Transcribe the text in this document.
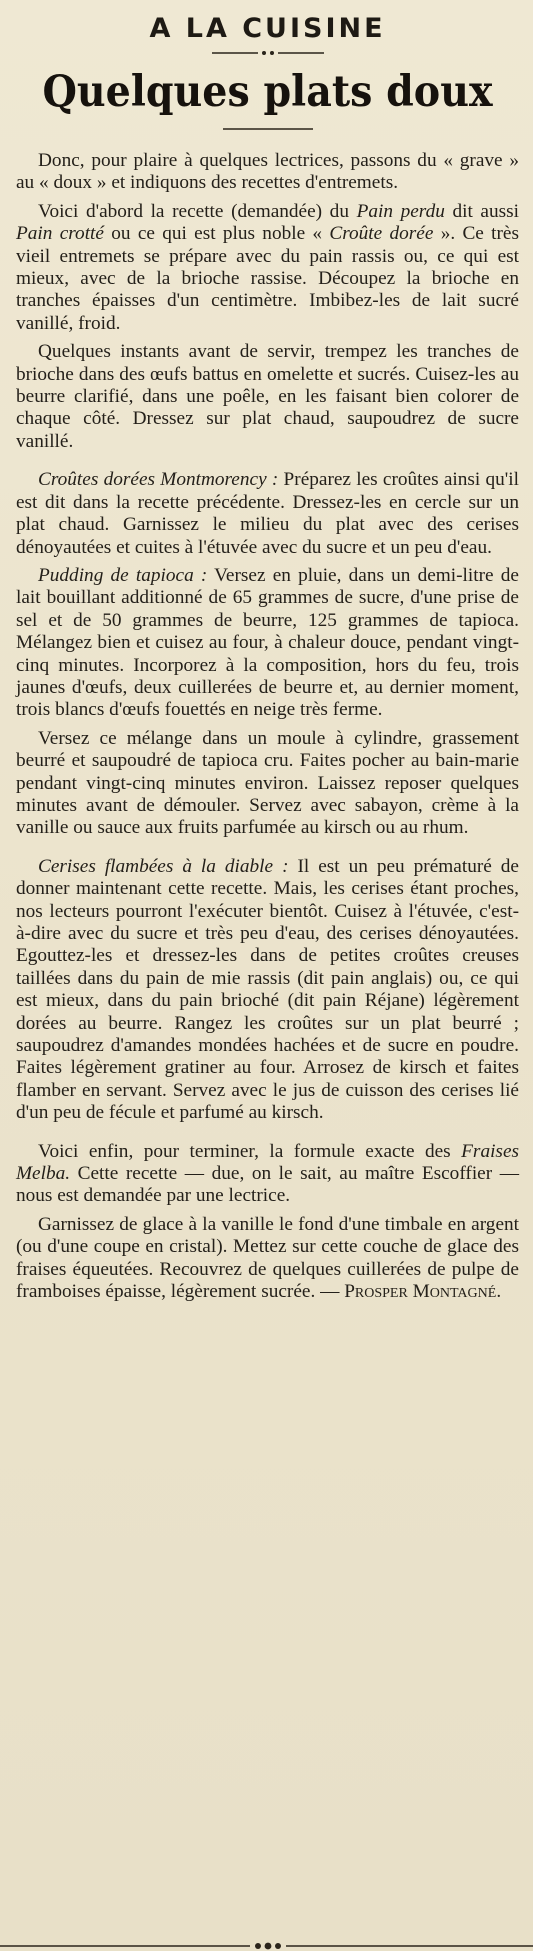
A LA CUISINE
Quelques plats doux

Donc, pour plaire à quelques lectrices, passons du « grave » au « doux » et indiquons des recettes d'entremets.

Voici d'abord la recette (demandée) du Pain perdu dit aussi Pain crotté ou ce qui est plus noble « Croûte dorée ». Ce très vieil entremets se prépare avec du pain rassis ou, ce qui est mieux, avec de la brioche rassise. Découpez la brioche en tranches épaisses d'un centimètre. Imbibez-les de lait sucré vanillé, froid.

Quelques instants avant de servir, trempez les tranches de brioche dans des œufs battus en omelette et sucrés. Cuisez-les au beurre clarifié, dans une poêle, en les faisant bien colorer de chaque côté. Dressez sur plat chaud, saupoudrez de sucre vanillé.

Croûtes dorées Montmorency : Préparez les croûtes ainsi qu'il est dit dans la recette précédente. Dressez-les en cercle sur un plat chaud. Garnissez le milieu du plat avec des cerises dénoyautées et cuites à l'étuvée avec du sucre et un peu d'eau.

Pudding de tapioca : Versez en pluie, dans un demi-litre de lait bouillant additionné de 65 grammes de sucre, d'une prise de sel et de 50 grammes de beurre, 125 grammes de tapioca. Mélangez bien et cuisez au four, à chaleur douce, pendant vingt-cinq minutes. Incorporez à la composition, hors du feu, trois jaunes d'œufs, deux cuillerées de beurre et, au dernier moment, trois blancs d'œufs fouettés en neige très ferme.

Versez ce mélange dans un moule à cylindre, grassement beurré et saupoudré de tapioca cru. Faites pocher au bain-marie pendant vingt-cinq minutes environ. Laissez reposer quelques minutes avant de démouler. Servez avec sabayon, crème à la vanille ou sauce aux fruits parfumée au kirsch ou au rhum.

Cerises flambées à la diable : Il est un peu prématuré de donner maintenant cette recette. Mais, les cerises étant proches, nos lecteurs pourront l'exécuter bientôt. Cuisez à l'étuvée, c'est-à-dire avec du sucre et très peu d'eau, des cerises dénoyautées. Egouttez-les et dressez-les dans de petites croûtes creuses taillées dans du pain de mie rassis (dit pain anglais) ou, ce qui est mieux, dans du pain brioché (dit pain Réjane) légèrement dorées au beurre. Rangez les croûtes sur un plat beurré ; saupoudrez d'amandes mondées hachées et de sucre en poudre. Faites légèrement gratiner au four. Arrosez de kirsch et faites flamber en servant. Servez avec le jus de cuisson des cerises lié d'un peu de fécule et parfumé au kirsch.

Voici enfin, pour terminer, la formule exacte des Fraises Melba. Cette recette — due, on le sait, au maître Escoffier — nous est demandée par une lectrice.

Garnissez de glace à la vanille le fond d'une timbale en argent (ou d'une coupe en cristal). Mettez sur cette couche de glace des fraises équeutées. Recouvrez de quelques cuillerées de pulpe de framboises épaisse, légèrement sucrée. — Prosper Montagné.
